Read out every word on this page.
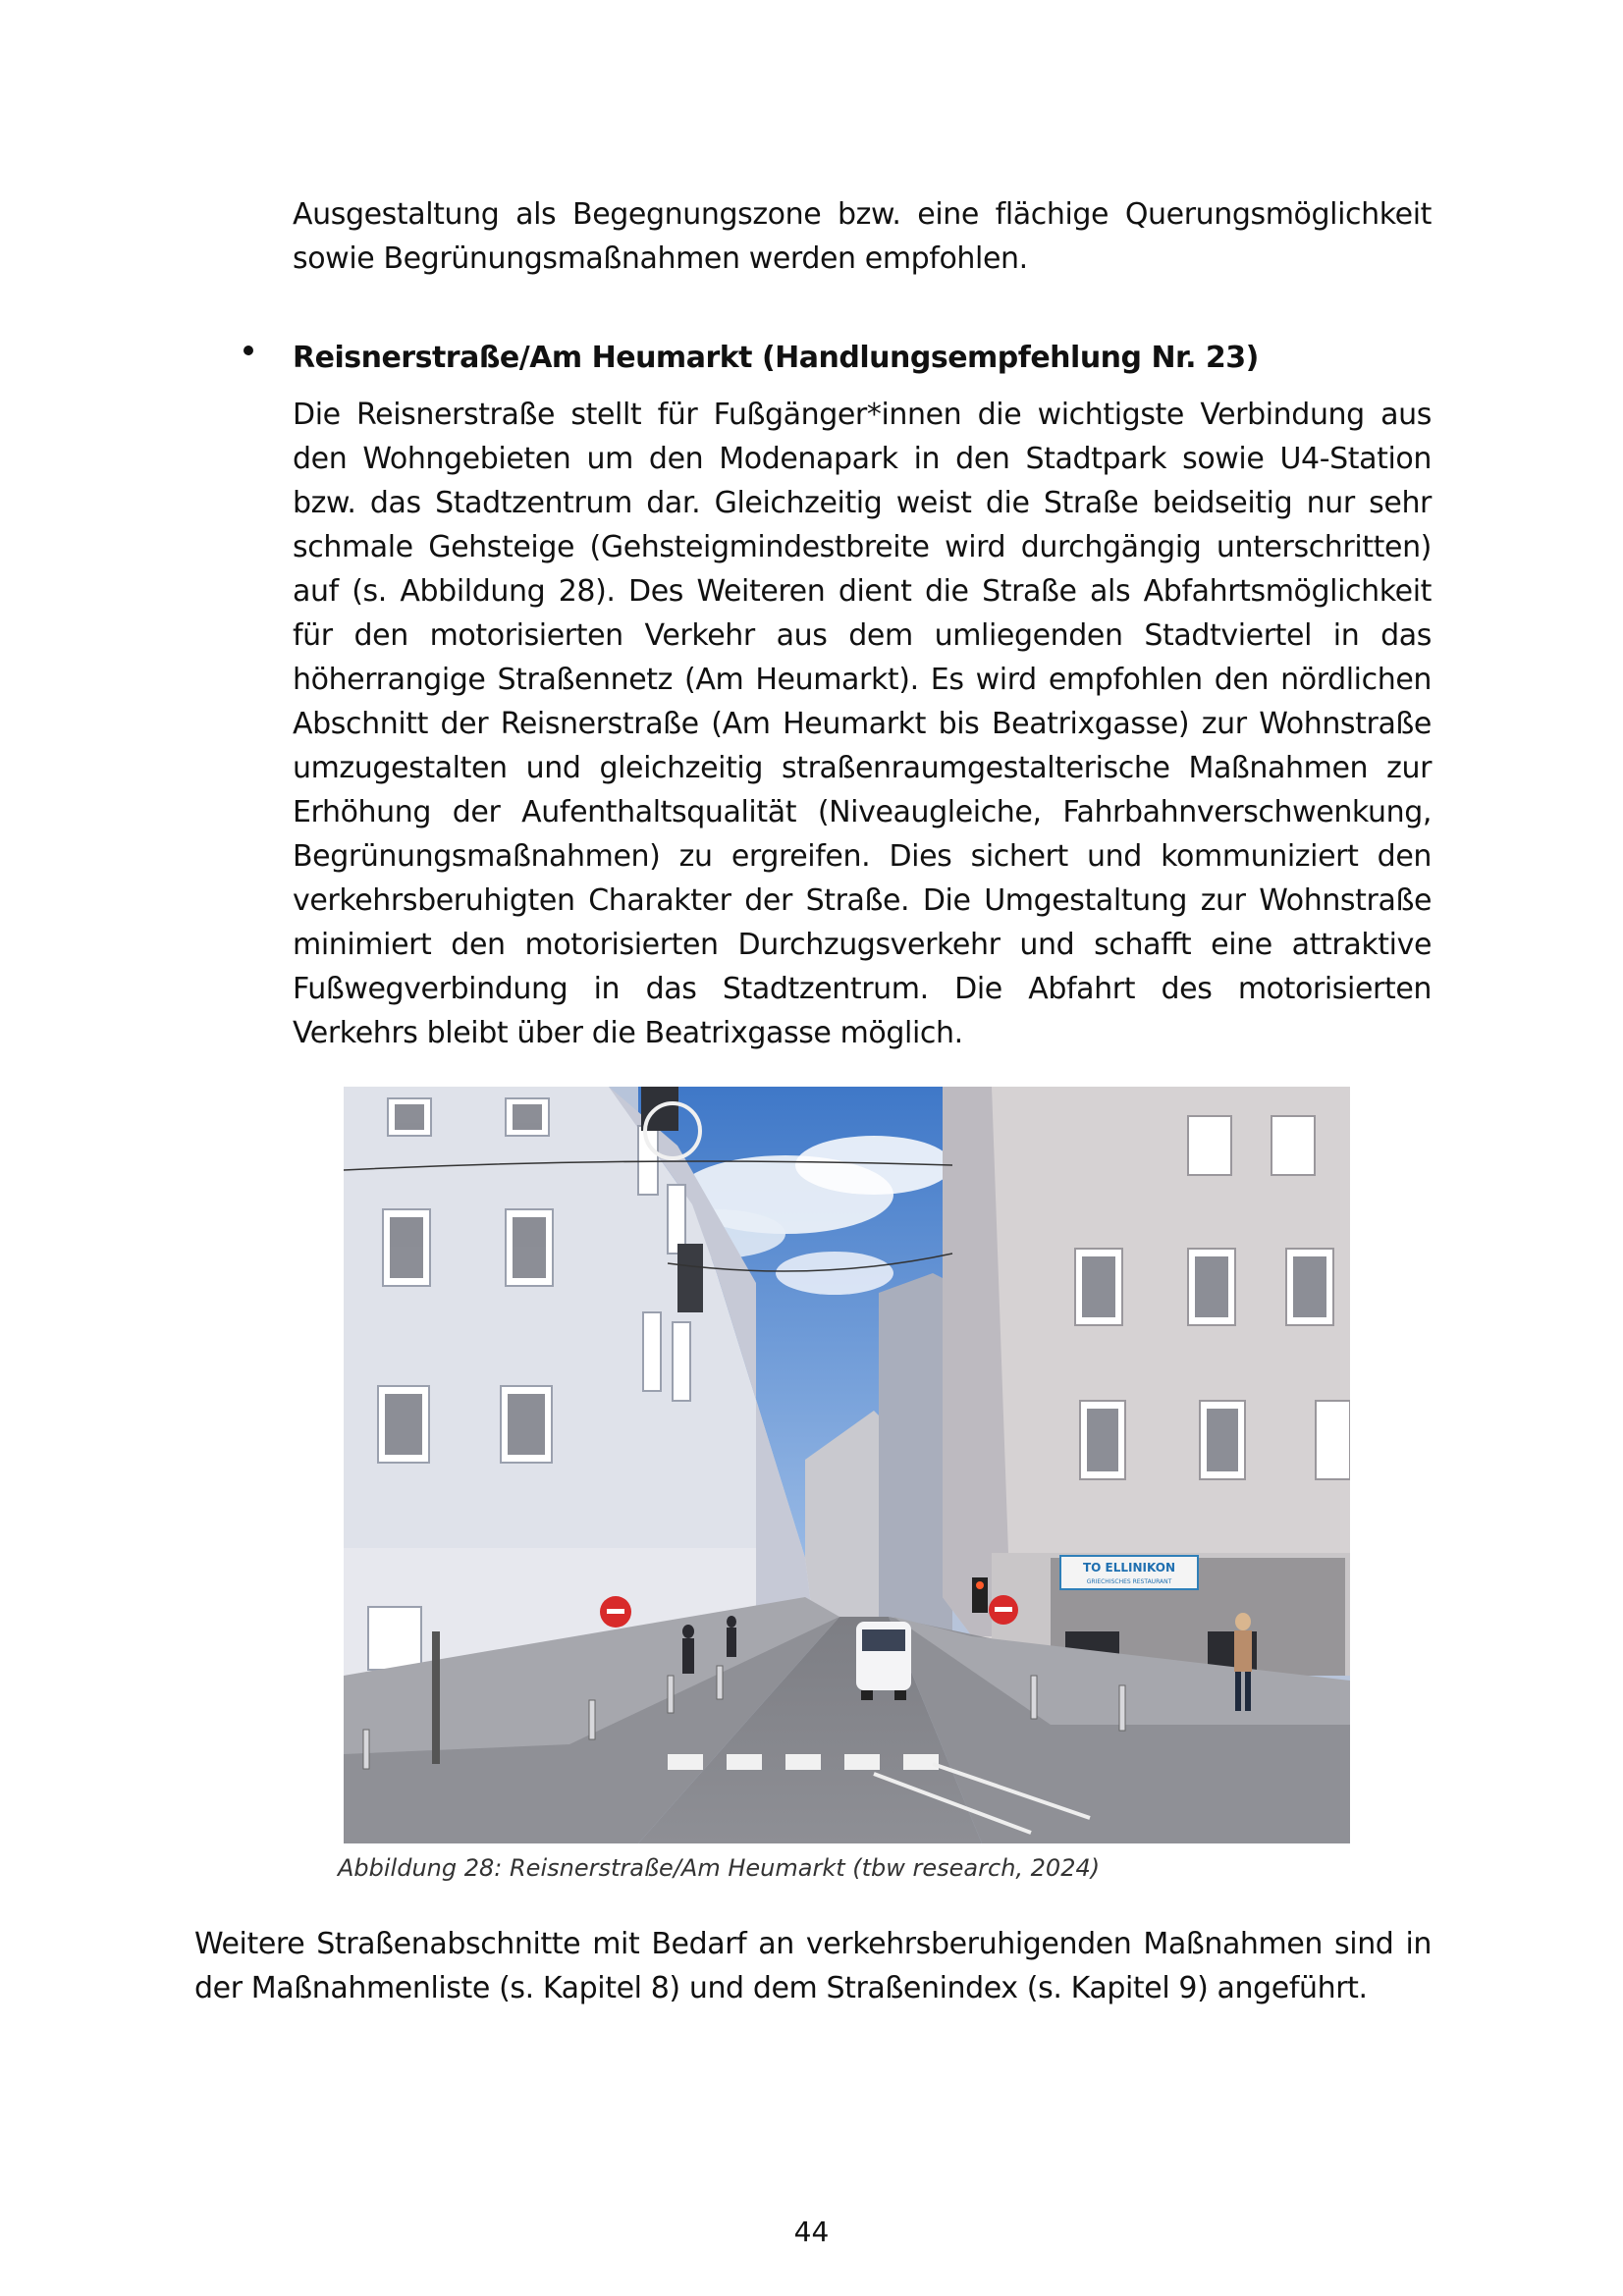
Ausgestaltung als Begegnungszone bzw. eine flächige Querungsmöglichkeit sowie Begrünungsmaßnahmen werden empfohlen.

Reisnerstraße/Am Heumarkt (Handlungsempfehlung Nr. 23)

Die Reisnerstraße stellt für Fußgänger*innen die wichtigste Verbindung aus den Wohngebieten um den Modenapark in den Stadtpark sowie U4-Station bzw. das Stadtzentrum dar. Gleichzeitig weist die Straße beidseitig nur sehr schmale Gehsteige (Gehsteigmindestbreite wird durchgängig unterschritten) auf (s. Abbildung 28). Des Weiteren dient die Straße als Abfahrtsmöglichkeit für den motorisierten Verkehr aus dem umliegenden Stadtviertel in das höherrangige Straßennetz (Am Heumarkt). Es wird empfohlen den nördlichen Abschnitt der Reisnerstraße (Am Heumarkt bis Beatrixgasse) zur Wohnstraße umzugestalten und gleichzeitig straßenraumgestalterische Maßnahmen zur Erhöhung der Aufenthaltsqualität (Niveaugleiche, Fahrbahnverschwenkung, Begrünungsmaßnahmen) zu ergreifen. Dies sichert und kommuniziert den verkehrsberuhigten Charakter der Straße. Die Umgestaltung zur Wohnstraße minimiert den motorisierten Durchzugsverkehr und schafft eine attraktive Fußwegverbindung in das Stadtzentrum. Die Abfahrt des motorisierten Verkehrs bleibt über die Beatrixgasse möglich.

TO ELLINIKON
GRIECHISCHES RESTAURANT

Abbildung 28: Reisnerstraße/Am Heumarkt (tbw research, 2024)

Weitere Straßenabschnitte mit Bedarf an verkehrsberuhigenden Maßnahmen sind in der Maßnahmenliste (s. Kapitel 8) und dem Straßenindex (s. Kapitel 9) angeführt.

44
